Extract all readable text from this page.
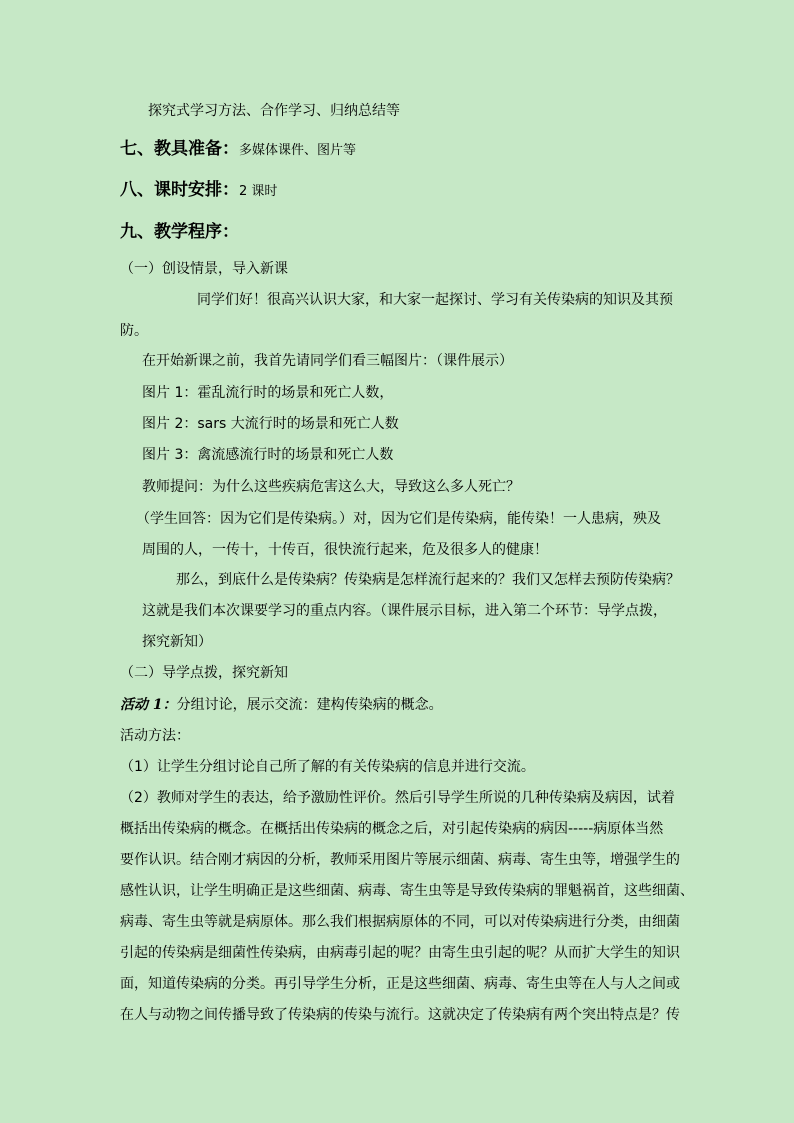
探究式学习方法、合作学习、归纳总结等
七、教具准备：多媒体课件、图片等
八、课时安排：2 课时
九、教学程序：
（一）创设情景，导入新课
同学们好！很高兴认识大家，和大家一起探讨、学习有关传染病的知识及其预
防。
在开始新课之前，我首先请同学们看三幅图片：（课件展示）
图片 1：霍乱流行时的场景和死亡人数，
图片 2：sars 大流行时的场景和死亡人数
图片 3：禽流感流行时的场景和死亡人数
教师提问：为什么这些疾病危害这么大，导致这么多人死亡？
（学生回答：因为它们是传染病。）对，因为它们是传染病，能传染！一人患病，殃及
周围的人，一传十，十传百，很快流行起来，危及很多人的健康！
那么，到底什么是传染病？传染病是怎样流行起来的？我们又怎样去预防传染病？
这就是我们本次课要学习的重点内容。（课件展示目标，进入第二个环节：导学点拨，
探究新知）
（二）导学点拨，探究新知
活动 1：分组讨论，展示交流：建构传染病的概念。
活动方法：
（1）让学生分组讨论自己所了解的有关传染病的信息并进行交流。
（2）教师对学生的表达，给予激励性评价。然后引导学生所说的几种传染病及病因，试着
概括出传染病的概念。在概括出传染病的概念之后，对引起传染病的病因-----病原体当然
要作认识。结合刚才病因的分析，教师采用图片等展示细菌、病毒、寄生虫等，增强学生的
感性认识，让学生明确正是这些细菌、病毒、寄生虫等是导致传染病的罪魁祸首，这些细菌、
病毒、寄生虫等就是病原体。那么我们根据病原体的不同，可以对传染病进行分类，由细菌
引起的传染病是细菌性传染病，由病毒引起的呢？由寄生虫引起的呢？从而扩大学生的知识
面，知道传染病的分类。再引导学生分析，正是这些细菌、病毒、寄生虫等在人与人之间或
在人与动物之间传播导致了传染病的传染与流行。这就决定了传染病有两个突出特点是？传
